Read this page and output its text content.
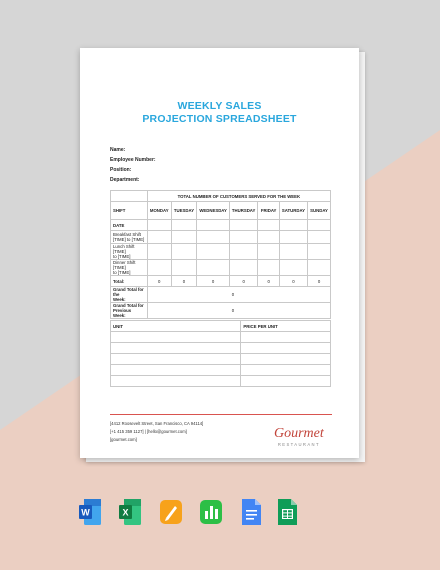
WEEKLY SALES
PROJECTION SPREADSHEET
Name:
Employee Number:
Position:
Department:
	TOTAL NUMBER OF CUSTOMERS SERVED FOR THE WEEK						
SHIFT	MONDAY	TUESDAY	WEDNESDAY	THURSDAY	FRIDAY	SATURDAY	SUNDAY
DATE							
Breakfast Shift
[TIME] to [TIME]							
Lunch Shift [TIME]
to [TIME]							
Dinner Shift [TIME]
to [TIME]							
Total:	0	0	0	0	0	0	0
Grand Total for the
Week:	0						
Grand Total for
Previous Week:	0						
UNIT	PRICE PER UNIT

[4412 Roosevelt Street, San Francisco, CA 94114]
[+1 415 359 1127] | [hello@gourmet.com]
[gourmet.com]	Gourmet
RESTAURANT
W	X
